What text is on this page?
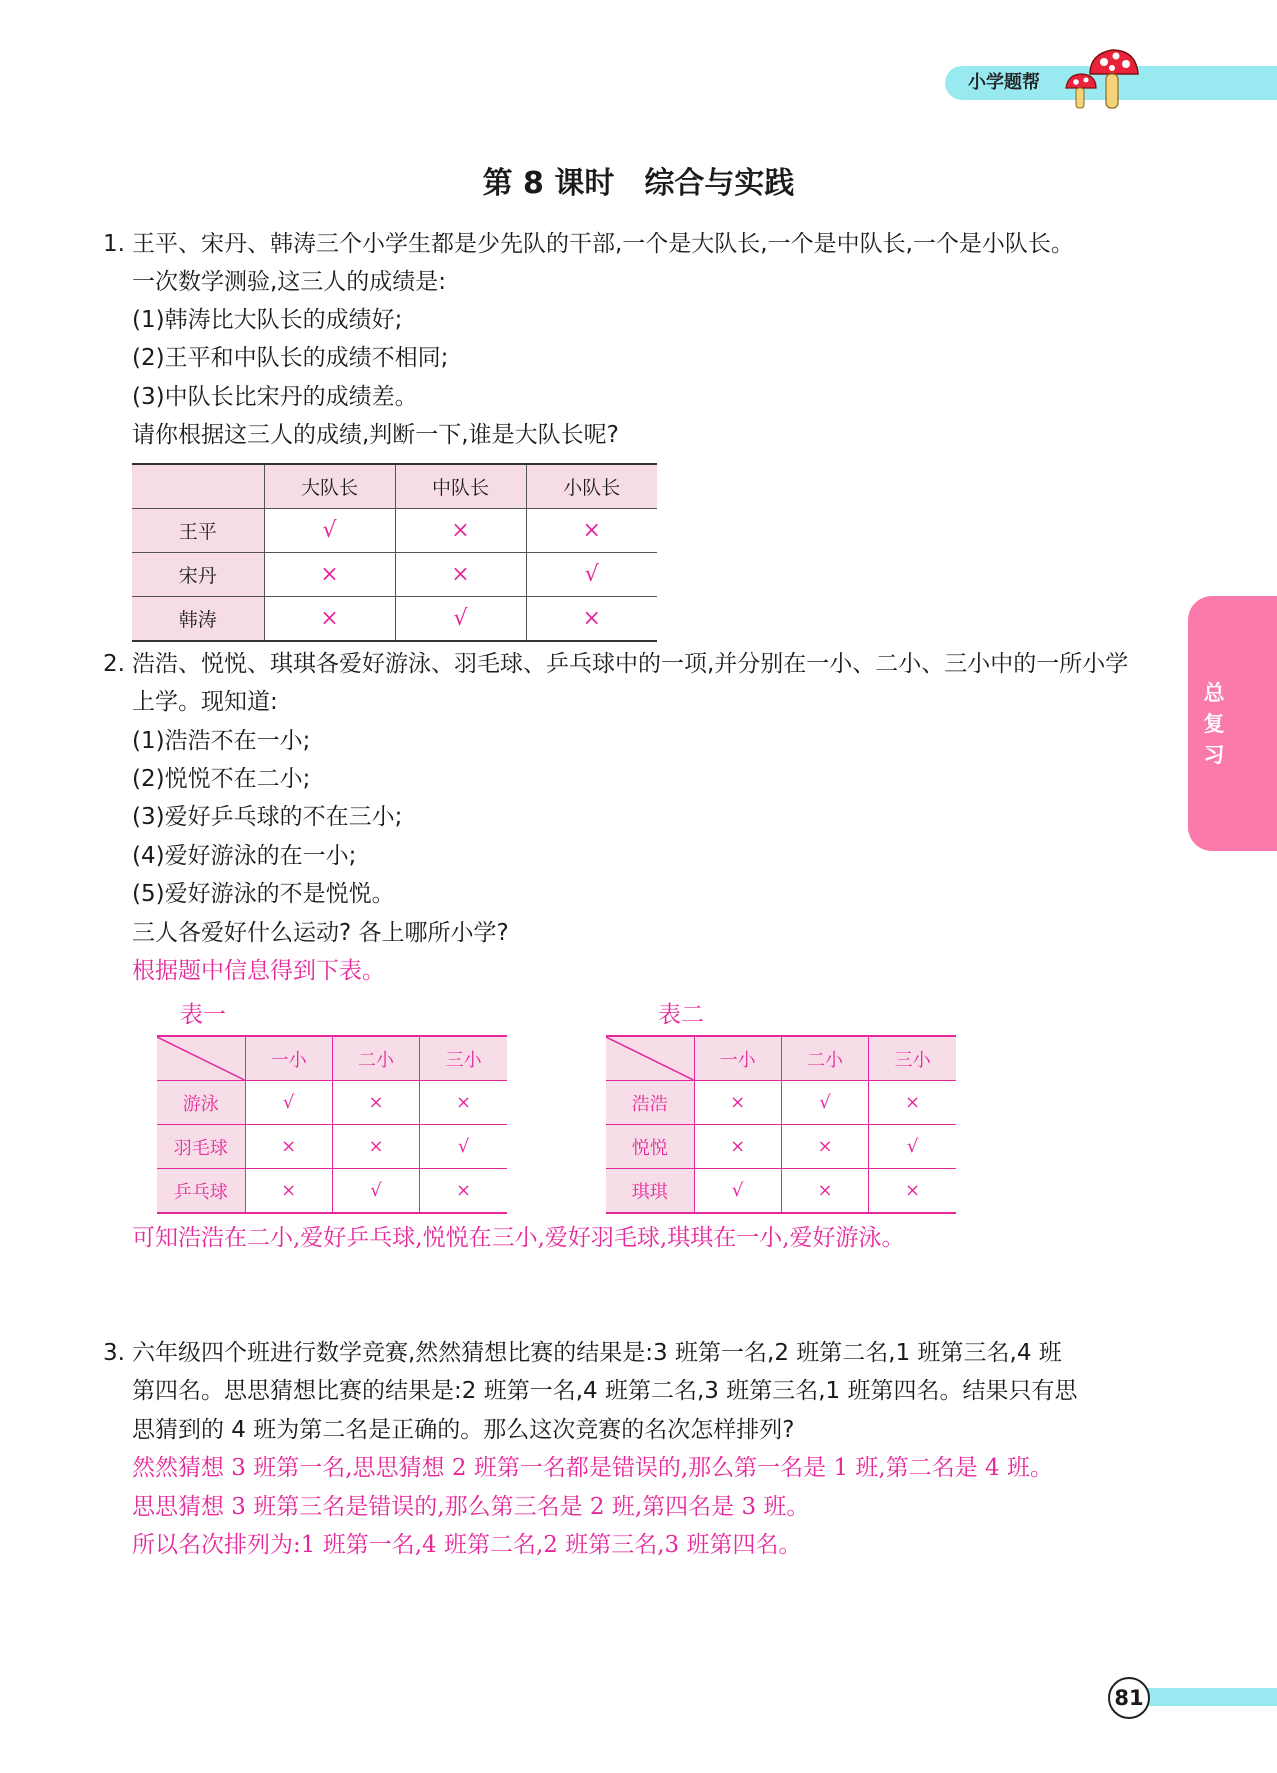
小学题帮
第 8 课时　综合与实践
总复习
1. 王平、宋丹、韩涛三个小学生都是少先队的干部,一个是大队长,一个是中队长,一个是小队长。
一次数学测验,这三人的成绩是:
(1)韩涛比大队长的成绩好;
(2)王平和中队长的成绩不相同;
(3)中队长比宋丹的成绩差。
请你根据这三人的成绩,判断一下,谁是大队长呢?
	大队长	中队长	小队长
王平	√	×	×
宋丹	×	×	√
韩涛	×	√	×
2. 浩浩、悦悦、琪琪各爱好游泳、羽毛球、乒乓球中的一项,并分别在一小、二小、三小中的一所小学
上学。现知道:
(1)浩浩不在一小;
(2)悦悦不在二小;
(3)爱好乒乓球的不在三小;
(4)爱好游泳的在一小;
(5)爱好游泳的不是悦悦。
三人各爱好什么运动? 各上哪所小学?
根据题中信息得到下表。
表一
	一小	二小	三小
游泳	√	×	×
羽毛球	×	×	√
乒乓球	×	√	×
表二
	一小	二小	三小
浩浩	×	√	×
悦悦	×	×	√
琪琪	√	×	×
可知浩浩在二小,爱好乒乓球,悦悦在三小,爱好羽毛球,琪琪在一小,爱好游泳。
3. 六年级四个班进行数学竞赛,然然猜想比赛的结果是:3 班第一名,2 班第二名,1 班第三名,4 班
第四名。思思猜想比赛的结果是:2 班第一名,4 班第二名,3 班第三名,1 班第四名。结果只有思
思猜到的 4 班为第二名是正确的。那么这次竞赛的名次怎样排列?
然然猜想 3 班第一名,思思猜想 2 班第一名都是错误的,那么第一名是 1 班,第二名是 4 班。
思思猜想 3 班第三名是错误的,那么第三名是 2 班,第四名是 3 班。
所以名次排列为:1 班第一名,4 班第二名,2 班第三名,3 班第四名。
81
